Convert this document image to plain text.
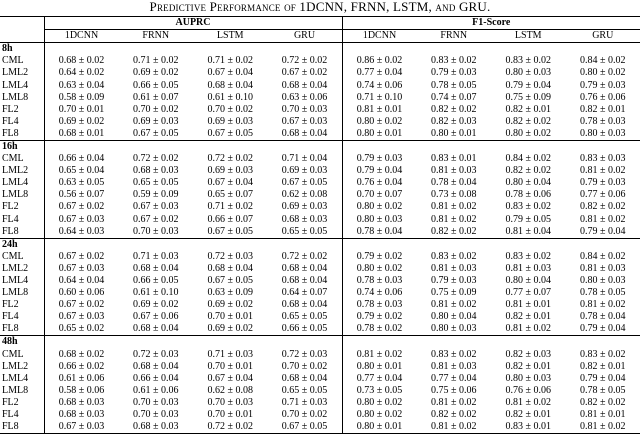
Predictive Performance of 1DCNN, FRNN, LSTM, and GRU.
	AUPRC				F1-Score			
	1DCNN	FRNN	LSTM	GRU	1DCNN	FRNN	LSTM	GRU
8h								
CML	0.68 ± 0.02	0.71 ± 0.02	0.71 ± 0.02	0.72 ± 0.02	0.86 ± 0.02	0.83 ± 0.02	0.83 ± 0.02	0.84 ± 0.02
LML2	0.64 ± 0.02	0.69 ± 0.02	0.67 ± 0.04	0.67 ± 0.02	0.77 ± 0.04	0.79 ± 0.03	0.80 ± 0.03	0.80 ± 0.02
LML4	0.63 ± 0.04	0.66 ± 0.05	0.68 ± 0.04	0.68 ± 0.04	0.74 ± 0.06	0.78 ± 0.05	0.79 ± 0.04	0.79 ± 0.03
LML8	0.58 ± 0.09	0.61 ± 0.07	0.61 ± 0.10	0.63 ± 0.06	0.71 ± 0.10	0.74 ± 0.07	0.75 ± 0.09	0.76 ± 0.06
FL2	0.70 ± 0.01	0.70 ± 0.02	0.70 ± 0.02	0.70 ± 0.03	0.81 ± 0.01	0.82 ± 0.02	0.82 ± 0.01	0.82 ± 0.01
FL4	0.69 ± 0.02	0.69 ± 0.03	0.69 ± 0.03	0.67 ± 0.03	0.80 ± 0.02	0.82 ± 0.03	0.82 ± 0.02	0.78 ± 0.03
FL8	0.68 ± 0.01	0.67 ± 0.05	0.67 ± 0.05	0.68 ± 0.04	0.80 ± 0.01	0.80 ± 0.01	0.80 ± 0.02	0.80 ± 0.03
16h								
CML	0.66 ± 0.04	0.72 ± 0.02	0.72 ± 0.02	0.71 ± 0.04	0.79 ± 0.03	0.83 ± 0.01	0.84 ± 0.02	0.83 ± 0.03
LML2	0.65 ± 0.04	0.68 ± 0.03	0.69 ± 0.03	0.69 ± 0.03	0.79 ± 0.04	0.81 ± 0.03	0.82 ± 0.02	0.81 ± 0.02
LML4	0.63 ± 0.05	0.65 ± 0.05	0.67 ± 0.04	0.67 ± 0.05	0.76 ± 0.04	0.78 ± 0.04	0.80 ± 0.04	0.79 ± 0.03
LML8	0.56 ± 0.07	0.59 ± 0.09	0.65 ± 0.07	0.62 ± 0.08	0.70 ± 0.07	0.73 ± 0.08	0.78 ± 0.06	0.77 ± 0.06
FL2	0.67 ± 0.02	0.67 ± 0.03	0.71 ± 0.02	0.69 ± 0.03	0.80 ± 0.02	0.81 ± 0.02	0.83 ± 0.02	0.82 ± 0.02
FL4	0.67 ± 0.03	0.67 ± 0.02	0.66 ± 0.07	0.68 ± 0.03	0.80 ± 0.03	0.81 ± 0.02	0.79 ± 0.05	0.81 ± 0.02
FL8	0.64 ± 0.03	0.70 ± 0.03	0.67 ± 0.05	0.65 ± 0.05	0.78 ± 0.04	0.82 ± 0.02	0.81 ± 0.04	0.79 ± 0.04
24h								
CML	0.67 ± 0.02	0.71 ± 0.03	0.72 ± 0.03	0.72 ± 0.02	0.79 ± 0.02	0.83 ± 0.02	0.83 ± 0.02	0.84 ± 0.02
LML2	0.67 ± 0.03	0.68 ± 0.04	0.68 ± 0.04	0.68 ± 0.04	0.80 ± 0.02	0.81 ± 0.03	0.81 ± 0.03	0.81 ± 0.03
LML4	0.64 ± 0.04	0.66 ± 0.05	0.67 ± 0.05	0.68 ± 0.04	0.78 ± 0.03	0.79 ± 0.03	0.80 ± 0.04	0.80 ± 0.03
LML8	0.60 ± 0.06	0.61 ± 0.10	0.63 ± 0.09	0.64 ± 0.07	0.74 ± 0.06	0.75 ± 0.09	0.77 ± 0.07	0.78 ± 0.05
FL2	0.67 ± 0.02	0.69 ± 0.02	0.69 ± 0.02	0.68 ± 0.04	0.78 ± 0.03	0.81 ± 0.02	0.81 ± 0.01	0.81 ± 0.02
FL4	0.67 ± 0.03	0.67 ± 0.06	0.70 ± 0.01	0.65 ± 0.05	0.79 ± 0.02	0.80 ± 0.04	0.82 ± 0.01	0.78 ± 0.04
FL8	0.65 ± 0.02	0.68 ± 0.04	0.69 ± 0.02	0.66 ± 0.05	0.78 ± 0.02	0.80 ± 0.03	0.81 ± 0.02	0.79 ± 0.04
48h								
CML	0.68 ± 0.02	0.72 ± 0.03	0.71 ± 0.03	0.72 ± 0.03	0.81 ± 0.02	0.83 ± 0.02	0.82 ± 0.03	0.83 ± 0.02
LML2	0.66 ± 0.02	0.68 ± 0.04	0.70 ± 0.01	0.70 ± 0.02	0.80 ± 0.01	0.81 ± 0.03	0.82 ± 0.01	0.82 ± 0.01
LML4	0.61 ± 0.06	0.66 ± 0.04	0.67 ± 0.04	0.68 ± 0.04	0.77 ± 0.04	0.77 ± 0.04	0.80 ± 0.03	0.79 ± 0.04
LML8	0.58 ± 0.06	0.61 ± 0.06	0.62 ± 0.08	0.65 ± 0.05	0.73 ± 0.05	0.75 ± 0.06	0.76 ± 0.06	0.78 ± 0.05
FL2	0.68 ± 0.03	0.70 ± 0.03	0.70 ± 0.03	0.71 ± 0.03	0.80 ± 0.02	0.81 ± 0.02	0.81 ± 0.02	0.82 ± 0.02
FL4	0.68 ± 0.03	0.70 ± 0.03	0.70 ± 0.01	0.70 ± 0.02	0.80 ± 0.02	0.82 ± 0.02	0.82 ± 0.01	0.81 ± 0.01
FL8	0.67 ± 0.03	0.68 ± 0.03	0.72 ± 0.02	0.67 ± 0.05	0.80 ± 0.01	0.81 ± 0.02	0.83 ± 0.01	0.81 ± 0.02
